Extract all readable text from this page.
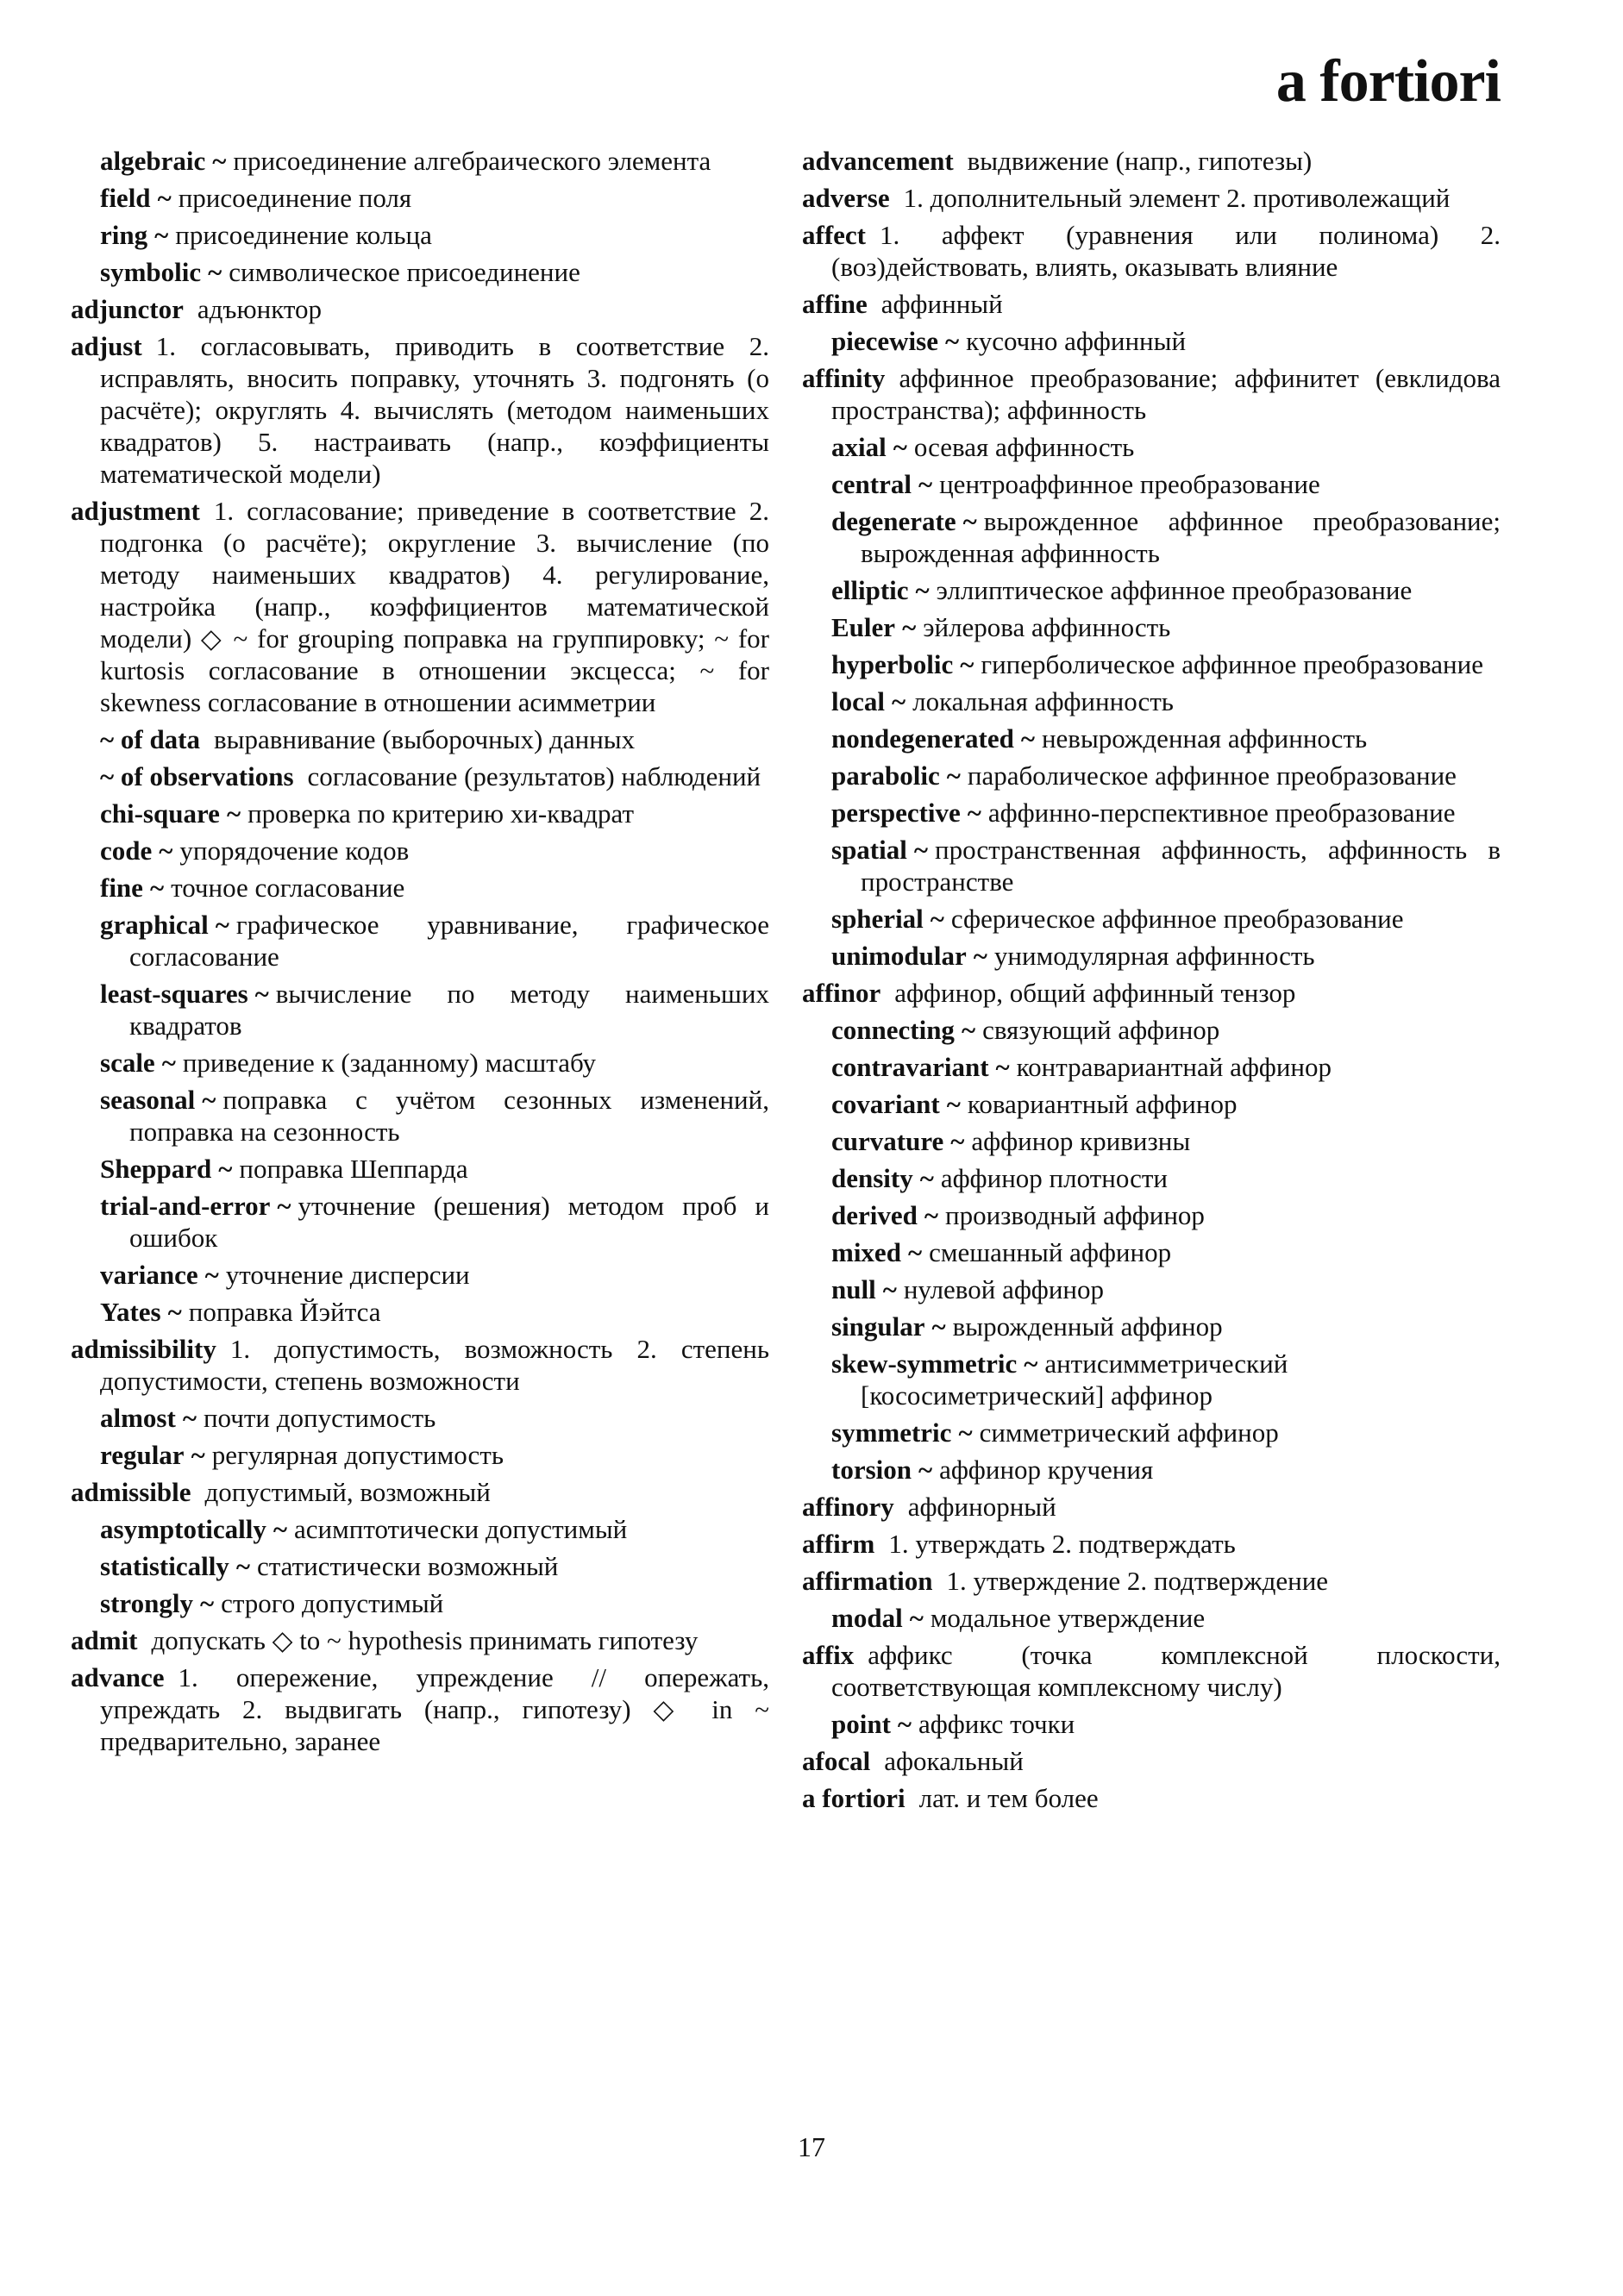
a fortiori
algebraic ~ присоединение алгебраического элемента
field ~ присоединение поля
ring ~ присоединение кольца
symbolic ~ символическое присоединение
adjunctor адъюнктор
adjust 1. согласовывать, приводить в соответствие 2. исправлять, вносить поправку, уточнять 3. подгонять (о расчёте); округлять 4. вычислять (методом наименьших квадратов) 5. настраивать (напр., коэффициенты математической модели)
adjustment 1. согласование; приведение в соответствие 2. подгонка (о расчёте); округление 3. вычисление (по методу наименьших квадратов) 4. регулирование, настройка (напр., коэффициентов математической модели) ◇ ~ for grouping поправка на группировку; ~ for kurtosis согласование в отношении эксцесса; ~ for skewness согласование в отношении асимметрии
~ of data выравнивание (выборочных) данных
~ of observations согласование (результатов) наблюдений
chi-square ~ проверка по критерию хи-квадрат
code ~ упорядочение кодов
fine ~ точное согласование
graphical ~ графическое уравнивание, графическое согласование
least-squares ~ вычисление по методу наименьших квадратов
scale ~ приведение к (заданному) масштабу
seasonal ~ поправка с учётом сезонных изменений, поправка на сезонность
Sheppard ~ поправка Шеппарда
trial-and-error ~ уточнение (решения) методом проб и ошибок
variance ~ уточнение дисперсии
Yates ~ поправка Йэйтса
admissibility 1. допустимость, возможность 2. степень допустимости, степень возможности
almost ~ почти допустимость
regular ~ регулярная допустимость
admissible допустимый, возможный
asymptotically ~ асимптотически допустимый
statistically ~ статистически возможный
strongly ~ строго допустимый
admit допускать ◇ to ~ hypothesis принимать гипотезу
advance 1. опережение, упреждение // опережать, упреждать 2. выдвигать (напр., гипотезу) ◇ in ~ предварительно, заранее
advancement выдвижение (напр., гипотезы)
adverse 1. дополнительный элемент 2. противолежащий
affect 1. аффект (уравнения или полинома) 2. (воз)действовать, влиять, оказывать влияние
affine аффинный
piecewise ~ кусочно аффинный
affinity аффинное преобразование; аффинитет (евклидова пространства); аффинность
axial ~ осевая аффинность
central ~ центроаффинное преобразование
degenerate ~ вырожденное аффинное преобразование; вырожденная аффинность
elliptic ~ эллиптическое аффинное преобразование
Euler ~ эйлерова аффинность
hyperbolic ~ гиперболическое аффинное преобразование
local ~ локальная аффинность
nondegenerated ~ невырожденная аффинность
parabolic ~ параболическое аффинное преобразование
perspective ~ аффинно-перспективное преобразование
spatial ~ пространственная аффинность, аффинность в пространстве
spherial ~ сферическое аффинное преобразование
unimodular ~ унимодулярная аффинность
affinor аффинор, общий аффинный тензор
connecting ~ связующий аффинор
contravariant ~ контравариантнай аффинор
covariant ~ ковариантный аффинор
curvature ~ аффинор кривизны
density ~ аффинор плотности
derived ~ производный аффинор
mixed ~ смешанный аффинор
null ~ нулевой аффинор
singular ~ вырожденный аффинор
skew-symmetric ~ антисимметрический [кососиметрический] аффинор
symmetric ~ симметрический аффинор
torsion ~ аффинор кручения
affinory аффинорный
affirm 1. утверждать 2. подтверждать
affirmation 1. утверждение 2. подтверждение
modal ~ модальное утверждение
affix аффикс (точка комплексной плоскости, соответствующая комплексному числу)
point ~ аффикс точки
afocal афокальный
a fortiori лат. и тем более
17
